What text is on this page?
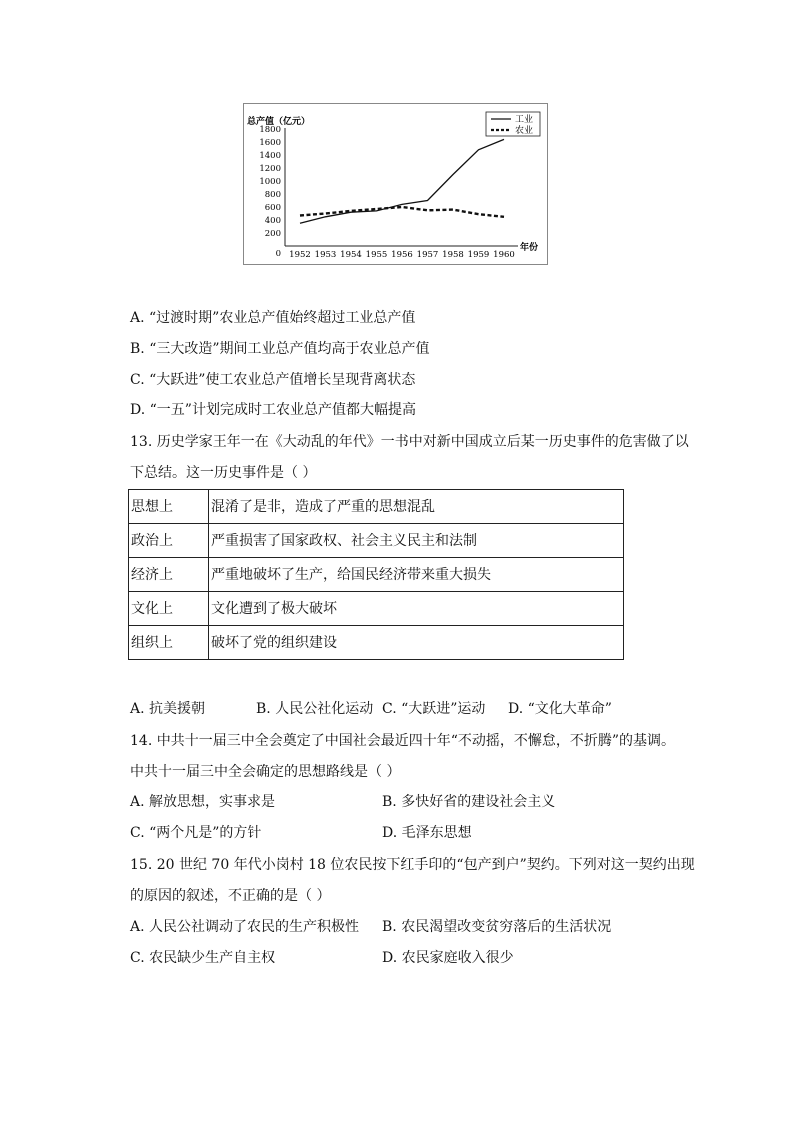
总产值（亿元）
年份
1800
1600
1400
1200
1000
800
600
400
200
0 1952 1953 1954 1955 1956 1957 1958 1959 1960
工业
农业
A. “过渡时期”农业总产值始终超过工业总产值
B. “三大改造”期间工业总产值均高于农业总产值
C. “大跃进”使工农业总产值增长呈现背离状态
D. “一五”计划完成时工农业总产值都大幅提高
13. 历史学家王年一在《大动乱的年代》一书中对新中国成立后某一历史事件的危害做了以
下总结。这一历史事件是（ ）
思想上	混淆了是非，造成了严重的思想混乱
政治上	严重损害了国家政权、社会主义民主和法制
经济上	严重地破坏了生产，给国民经济带来重大损失
文化上	文化遭到了极大破坏
组织上	破坏了党的组织建设
A. 抗美援朝	B. 人民公社化运动 C. “大跃进”运动 D. “文化大革命”
14. 中共十一届三中全会奠定了中国社会最近四十年“不动摇，不懈怠，不折腾”的基调。
中共十一届三中全会确定的思想路线是（ ）
A. 解放思想，实事求是	B. 多快好省的建设社会主义
C. “两个凡是”的方针	D. 毛泽东思想
15. 20 世纪 70 年代小岗村 18 位农民按下红手印的“包产到户”契约。下列对这一契约出现
的原因的叙述，不正确的是（ ）
A. 人民公社调动了农民的生产积极性 B. 农民渴望改变贫穷落后的生活状况
C. 农民缺少生产自主权	D. 农民家庭收入很少
